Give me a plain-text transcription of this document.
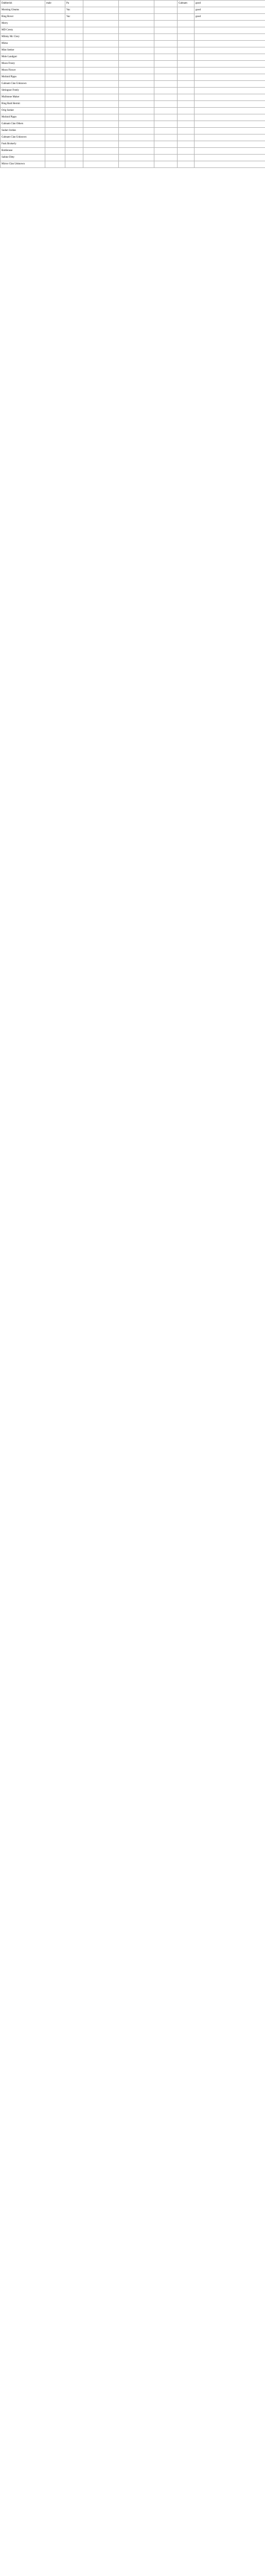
Dabberish	male	Pa				Gabnam	good
Morning Gleams		Vac					good
Ring Rover		Vac					good
Merry							
MD Cresty							
Mlinky Mc Clery							
Mimo							
Mint Seeker							
Mole Landgarr							
Moon Frosty							
Moon Flower							
Molinid Pippo							
Gabnam Clan Unknown							
Sittingnor Freely							
Mullstone Maker							
Ring Raid Hermit							
Orig Seeker							
Molinid Pippo							
Gabnam Clan Others							
Sudarr Jordan							
Gabnam Clan Unknown							
Fusk Brokerly							
Bottlenose							
Sabine Ditty							
Mirror Clan Unknown							
